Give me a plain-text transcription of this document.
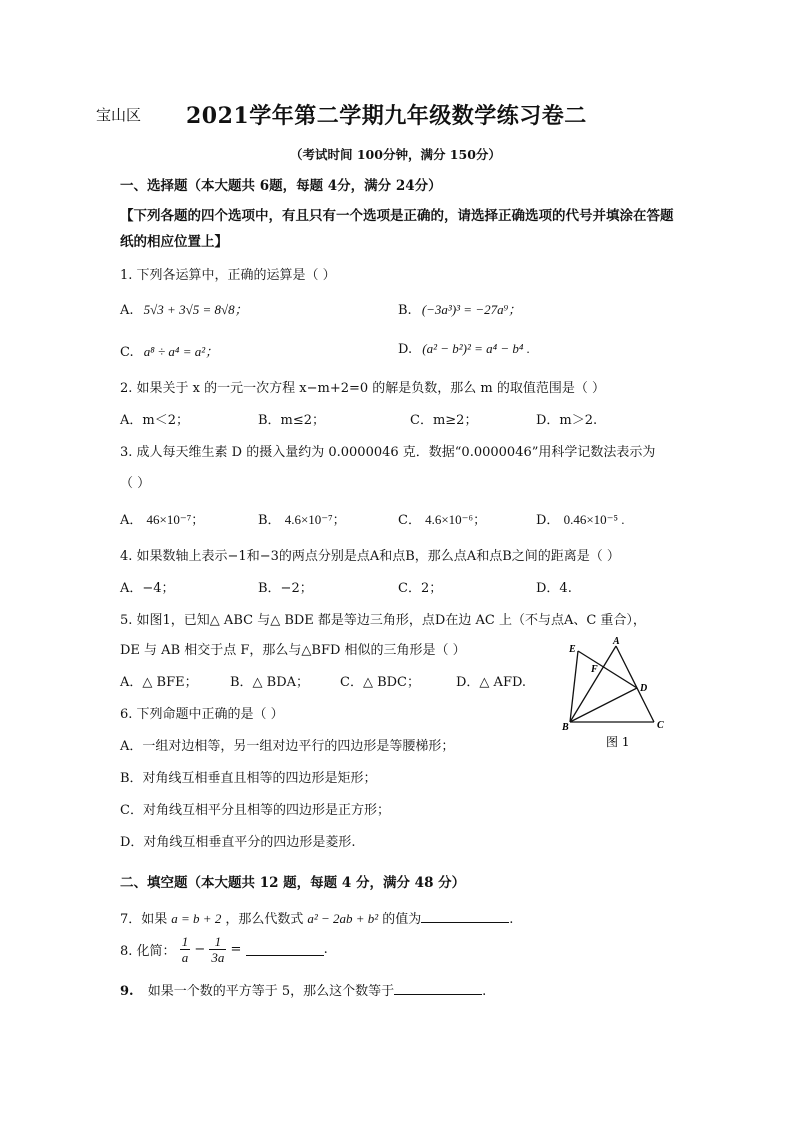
宝山区 2021学年第二学期九年级数学练习卷二
（考试时间 100分钟，满分 150分）
一、选择题（本大题共 6题，每题 4分，满分 24分）
【下列各题的四个选项中，有且只有一个选项是正确的，请选择正确选项的代号并填涂在答题
纸的相应位置上】
1. 下列各运算中，正确的运算是（ ）
A. 5√3 + 3√5 = 8√8；	B. (−3a³)³ = −27a⁹；
C. a⁸ ÷ a⁴ = a²；	D. (a² − b²)² = a⁴ − b⁴ .
2. 如果关于 x 的一元一次方程 x−m+2=0 的解是负数，那么 m 的取值范围是（ ）
A．m＜2；	B．m≤2；	C．m≥2；	D．m＞2.
3. 成人每天维生素 D 的摄入量约为 0.0000046 克．数据“0.0000046”用科学记数法表示为
（ ）
A． 46×10⁻⁷；	B． 4.6×10⁻⁷；	C． 4.6×10⁻⁶；	D． 0.46×10⁻⁵ .
4. 如果数轴上表示−1和−3的两点分别是点A和点B，那么点A和点B之间的距离是（ ）
A．−4；	B．−2；	C．2；	D．4.
5. 如图1，已知△ ABC 与△ BDE 都是等边三角形，点D在边 AC 上（不与点A、C 重合），
DE 与 AB 相交于点 F，那么与△BFD 相似的三角形是（ ）
A．△ BFE； B．△ BDA； C．△ BDC；	D．△ AFD.
E
A
F
D
B	C
图 1
6. 下列命题中正确的是（ ）
A．一组对边相等，另一组对边平行的四边形是等腰梯形；
B．对角线互相垂直且相等的四边形是矩形；
C．对角线互相平分且相等的四边形是正方形；
D．对角线互相垂直平分的四边形是菱形.
二、填空题（本大题共 12 题，每题 4 分，满分 48 分）
7．如果 a = b + 2 ，那么代数式 a² − 2ab + b² 的值为	.
8. 化简： $\frac{1}{a} - \frac{1}{3a}$ =	.
9. 如果一个数的平方等于 5，那么这个数等于	.
